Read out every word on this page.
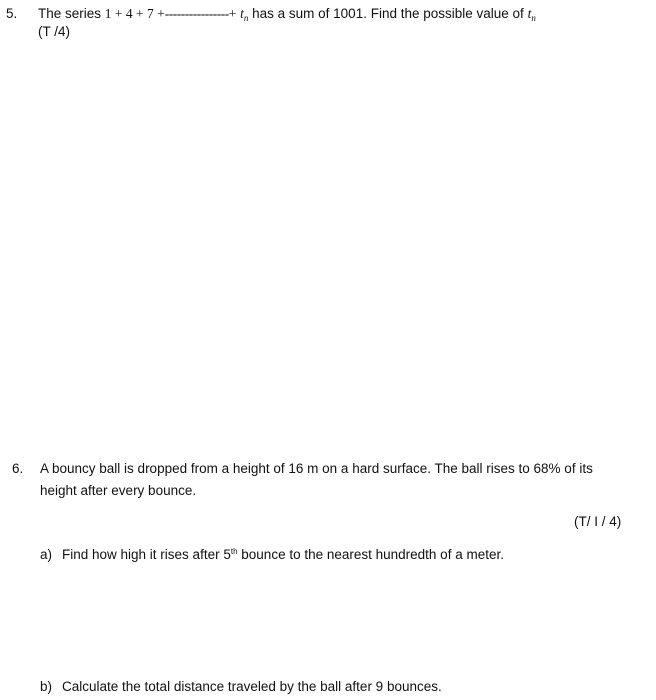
5. The series 1 + 4 + 7 +----------------+ $t_n$ has a sum of 1001. Find the possible value of $t_n$
(T /4)
6. A bouncy ball is dropped from a height of 16 m on a hard surface. The ball rises to 68% of its
height after every bounce.
(T/ I / 4)
a) Find how high it rises after 5th bounce to the nearest hundredth of a meter.
b) Calculate the total distance traveled by the ball after 9 bounces.
